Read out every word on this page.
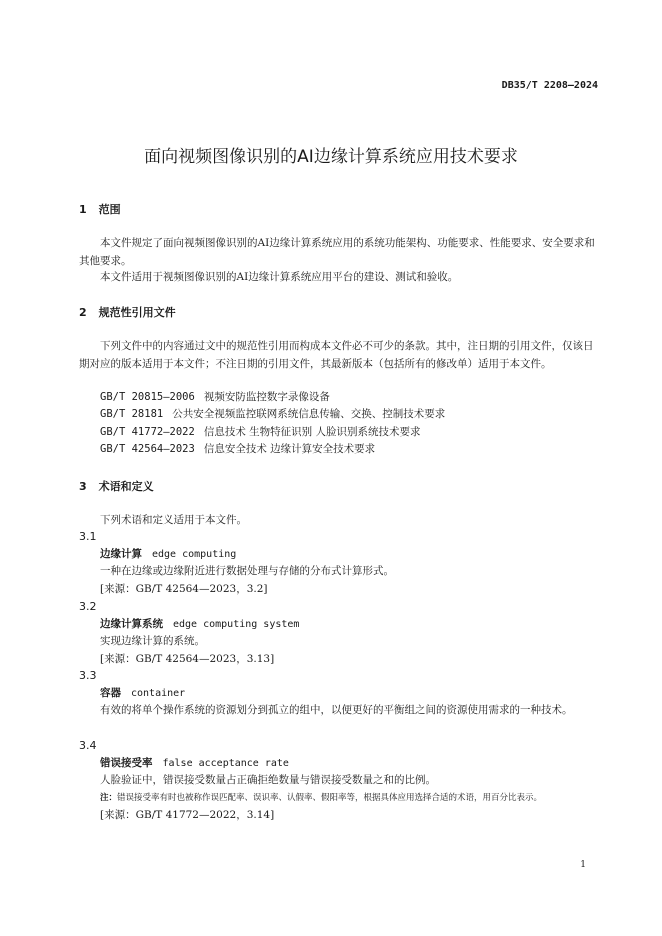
DB35/T 2208—2024
面向视频图像识别的AI边缘计算系统应用技术要求
1 范围

本文件规定了面向视频图像识别的AI边缘计算系统应用的系统功能架构、功能要求、性能要求、安全要求和其他要求。

本文件适用于视频图像识别的AI边缘计算系统应用平台的建设、测试和验收。

2 规范性引用文件

下列文件中的内容通过文中的规范性引用而构成本文件必不可少的条款。其中，注日期的引用文件，仅该日期对应的版本适用于本文件；不注日期的引用文件，其最新版本（包括所有的修改单）适用于本文件。

GB/T 20815—2006 视频安防监控数字录像设备
GB/T 28181 公共安全视频监控联网系统信息传输、交换、控制技术要求
GB/T 41772—2022 信息技术 生物特征识别 人脸识别系统技术要求
GB/T 42564—2023 信息安全技术 边缘计算安全技术要求
3 术语和定义

下列术语和定义适用于本文件。

3.1
边缘计算 edge computing

一种在边缘或边缘附近进行数据处理与存储的分布式计算形式。

[来源：GB/T 42564—2023，3.2]

3.2
边缘计算系统 edge computing system

实现边缘计算的系统。

[来源：GB/T 42564—2023，3.13]

3.3
容器 container

有效的将单个操作系统的资源划分到孤立的组中，以便更好的平衡组之间的资源使用需求的一种技术。

3.4
错误接受率 false acceptance rate

人脸验证中，错误接受数量占正确拒绝数量与错误接受数量之和的比例。

注：错误接受率有时也被称作误匹配率、误识率、认假率、假阳率等，根据具体应用选择合适的术语，用百分比表示。

[来源：GB/T 41772—2022，3.14]

1
